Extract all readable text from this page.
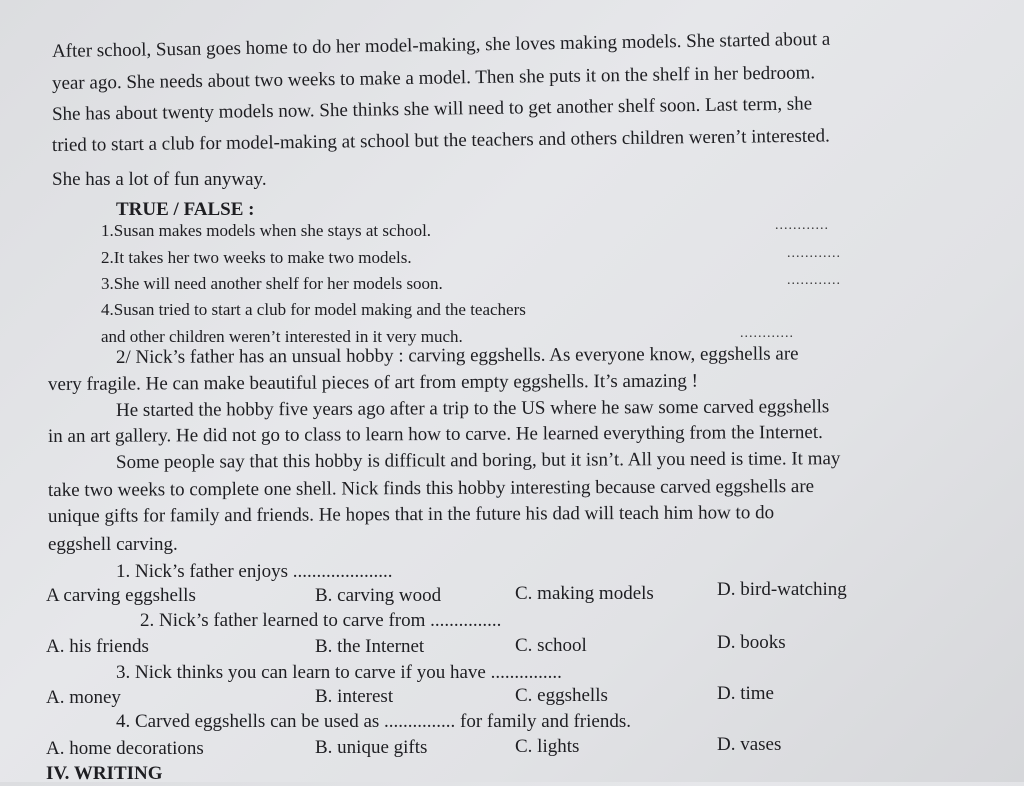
After school, Susan goes home to do her model-making, she loves making models. She started about a
year ago. She needs about two weeks to make a model. Then she puts it on the shelf in her bedroom.
She has about twenty models now. She thinks she will need to get another shelf soon. Last term, she
tried to start a club for model-making at school but the teachers and others children weren’t interested.
She has a lot of fun anyway.
TRUE / FALSE :
1.Susan makes models when she stays at school.	............
2.It takes her two weeks to make two models.	............
3.She will need another shelf for her models soon.	............
4.Susan tried to start a club for model making and the teachers
and other children weren’t interested in it very much.	............
2/ Nick’s father has an unsual hobby : carving eggshells. As everyone know, eggshells are
very fragile. He can make beautiful pieces of art from empty eggshells. It’s amazing !
He started the hobby five years ago after a trip to the US where he saw some carved eggshells
in an art gallery. He did not go to class to learn how to carve. He learned everything from the Internet.
Some people say that this hobby is difficult and boring, but it isn’t. All you need is time. It may
take two weeks to complete one shell. Nick finds this hobby interesting because carved eggshells are
unique gifts for family and friends. He hopes that in the future his dad will teach him how to do
eggshell carving.
1. Nick’s father enjoys .....................
A carving eggshells	B. carving wood	C. making models	D. bird-watching
2. Nick’s father learned to carve from ...............
A. his friends	B. the Internet	C. school	D. books
3. Nick thinks you can learn to carve if you have ...............
A. money	B. interest	C. eggshells	D. time
4. Carved eggshells can be used as ............... for family and friends.
A. home decorations	B. unique gifts	C. lights	D. vases
IV. WRITING
